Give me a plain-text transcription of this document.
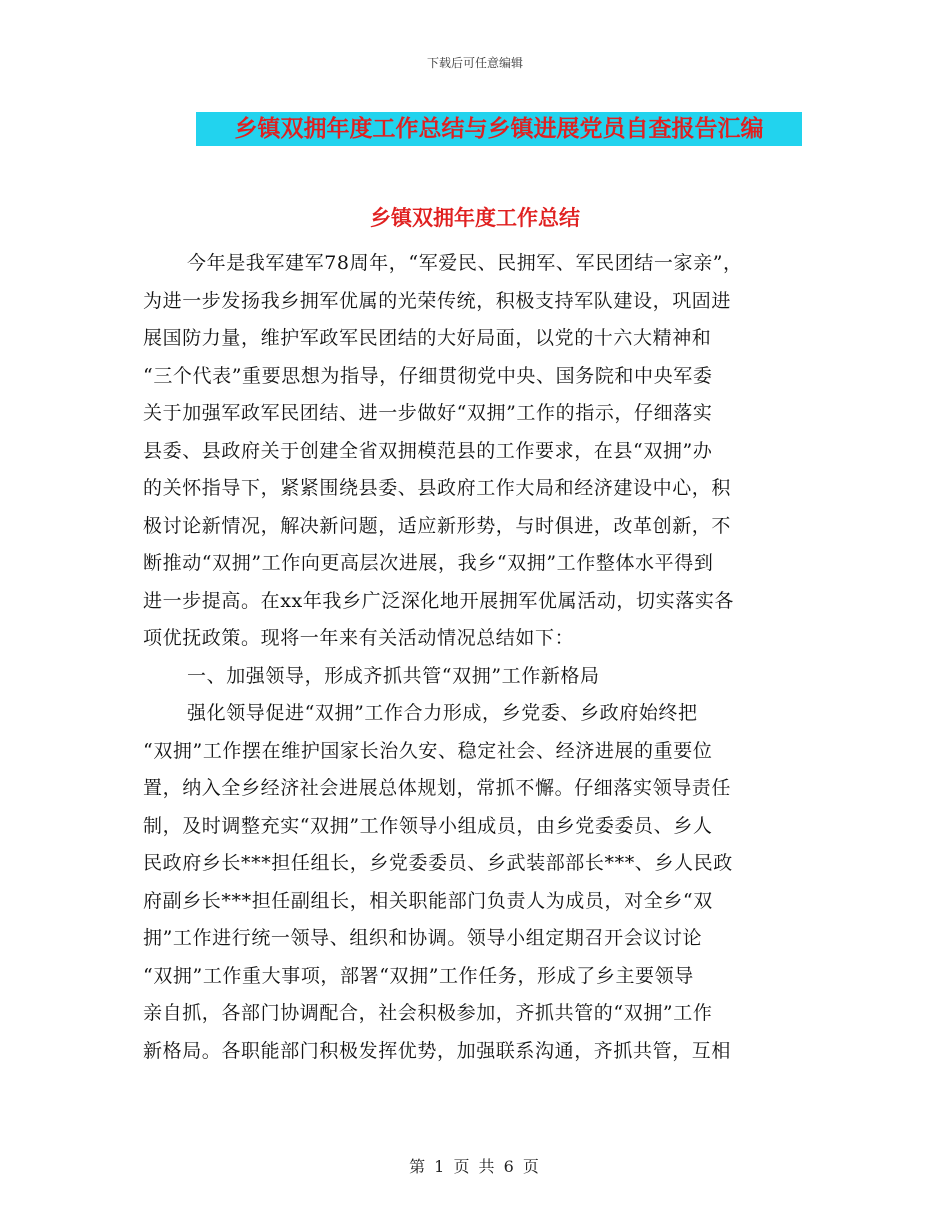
下载后可任意编辑
乡镇双拥年度工作总结与乡镇进展党员自查报告汇编
乡镇双拥年度工作总结
今年是我军建军78周年，“军爱民、民拥军、军民团结一家亲”，
为进一步发扬我乡拥军优属的光荣传统，积极支持军队建设，巩固进
展国防力量，维护军政军民团结的大好局面，以党的十六大精神和
“三个代表”重要思想为指导，仔细贯彻党中央、国务院和中央军委
关于加强军政军民团结、进一步做好“双拥”工作的指示，仔细落实
县委、县政府关于创建全省双拥模范县的工作要求，在县“双拥”办
的关怀指导下，紧紧围绕县委、县政府工作大局和经济建设中心，积
极讨论新情况，解决新问题，适应新形势，与时俱进，改革创新，不
断推动“双拥”工作向更高层次进展，我乡“双拥”工作整体水平得到
进一步提高。在xx年我乡广泛深化地开展拥军优属活动，切实落实各
项优抚政策。现将一年来有关活动情况总结如下：
一、加强领导，形成齐抓共管“双拥”工作新格局
强化领导促进“双拥”工作合力形成，乡党委、乡政府始终把
“双拥”工作摆在维护国家长治久安、稳定社会、经济进展的重要位
置，纳入全乡经济社会进展总体规划，常抓不懈。仔细落实领导责任
制，及时调整充实“双拥”工作领导小组成员，由乡党委委员、乡人
民政府乡长***担任组长，乡党委委员、乡武装部部长***、乡人民政
府副乡长***担任副组长，相关职能部门负责人为成员，对全乡“双
拥”工作进行统一领导、组织和协调。领导小组定期召开会议讨论
“双拥”工作重大事项，部署“双拥”工作任务，形成了乡主要领导
亲自抓，各部门协调配合，社会积极参加，齐抓共管的“双拥”工作
新格局。各职能部门积极发挥优势，加强联系沟通，齐抓共管，互相
第 1 页 共 6 页
